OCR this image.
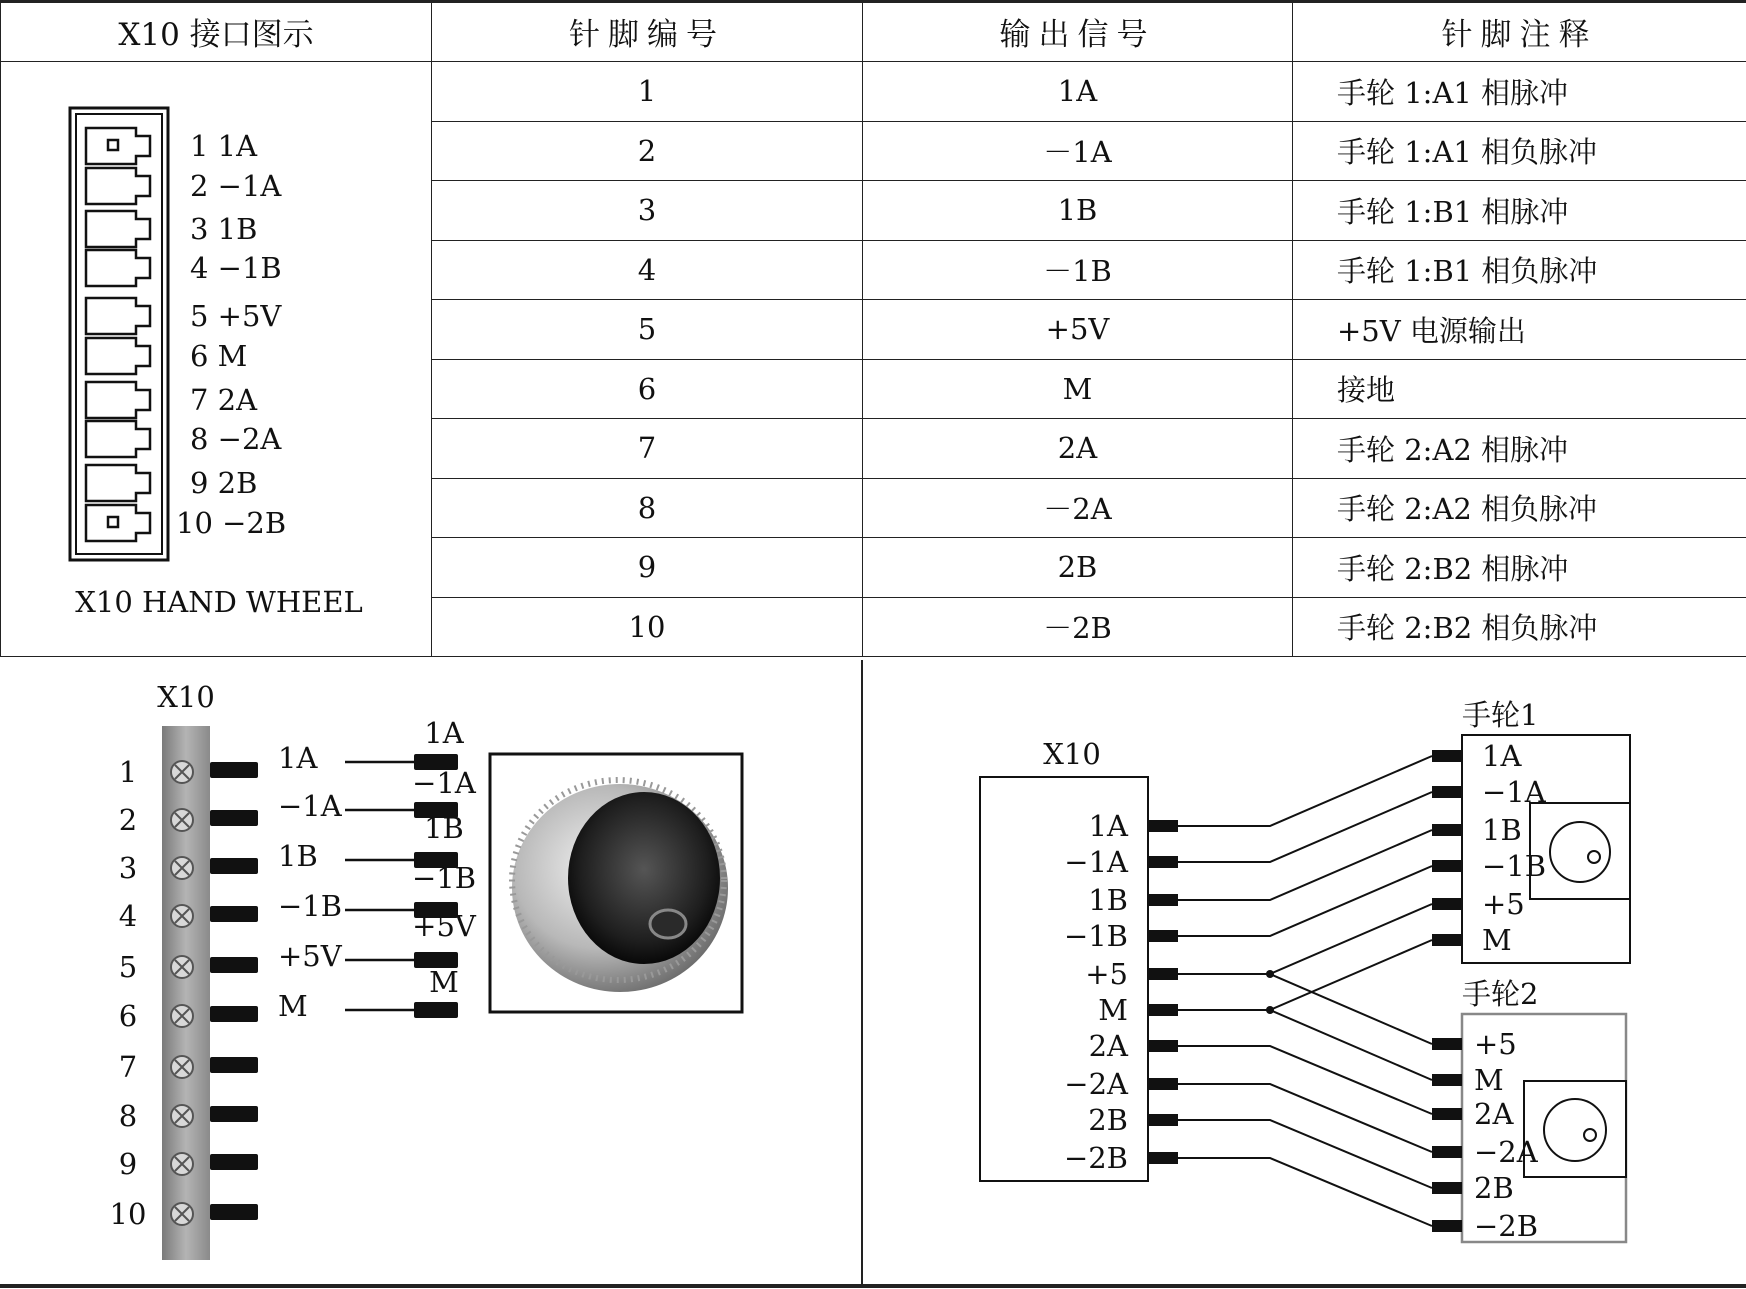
X10 接口图示	针脚编号	输出信号	针脚注释
	1	1A	手轮 1:A1 相脉冲
	2	－1A	手轮 1:A1 相负脉冲
	3	1B	手轮 1:B1 相脉冲
	4	－1B	手轮 1:B1 相负脉冲
	5	+5V	+5V 电源输出
	6	M	接地
	7	2A	手轮 2:A2 相脉冲
	8	－2A	手轮 2:A2 相负脉冲
	9	2B	手轮 2:B2 相脉冲
	10	－2B	手轮 2:B2 相负脉冲
1 1A
2 −1A
3 1B
4 −1B
5 +5V
6 M
7 2A
8 −2A
9 2B
10 −2B
X10 HAND WHEEL
X10
1
2
3
4
5
6
7
8
9
10
1A
1A
−1A
−1A
1B
1B
−1B
−1B
+5V
+5V
M
M
X10
手轮1
手轮2
1A
−1A
1B
−1B
+5
M
2A
−2A
2B
−2B
1A
−1A
1B
−1B
+5
M
+5
M
2A
−2A
2B
−2B
